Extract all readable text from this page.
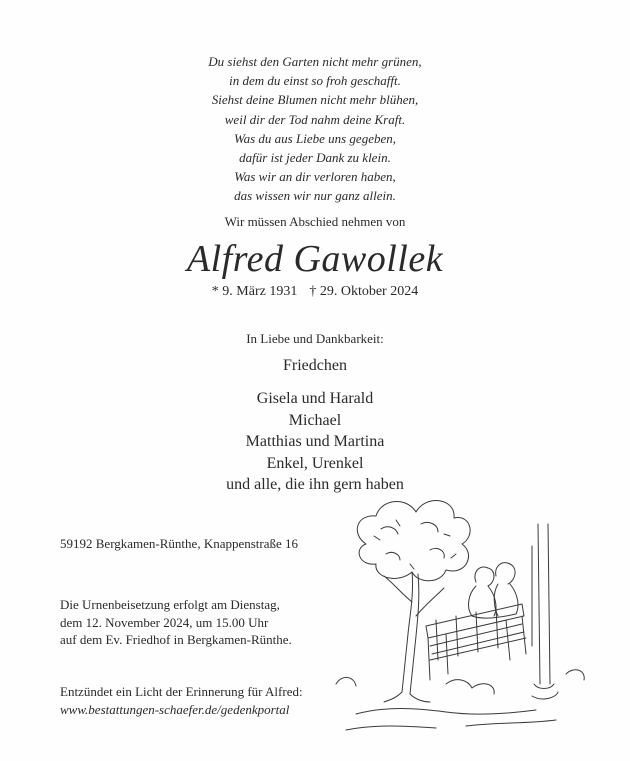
Du siehst den Garten nicht mehr grünen,
in dem du einst so froh geschafft.
Siehst deine Blumen nicht mehr blühen,
weil dir der Tod nahm deine Kraft.
Was du aus Liebe uns gegeben,
dafür ist jeder Dank zu klein.
Was wir an dir verloren haben,
das wissen wir nur ganz allein.
Wir müssen Abschied nehmen von
Alfred Gawollek
* 9. März 1931 † 29. Oktober 2024
In Liebe und Dankbarkeit:
Friedchen
Gisela und Harald
Michael
Matthias und Martina
Enkel, Urenkel
und alle, die ihn gern haben
59192 Bergkamen-Rünthe, Knappenstraße 16
Die Urnenbeisetzung erfolgt am Dienstag,
dem 12. November 2024, um 15.00 Uhr
auf dem Ev. Friedhof in Bergkamen-Rünthe.
Entzündet ein Licht der Erinnerung für Alfred:
www.bestattungen-schaefer.de/gedenkportal
